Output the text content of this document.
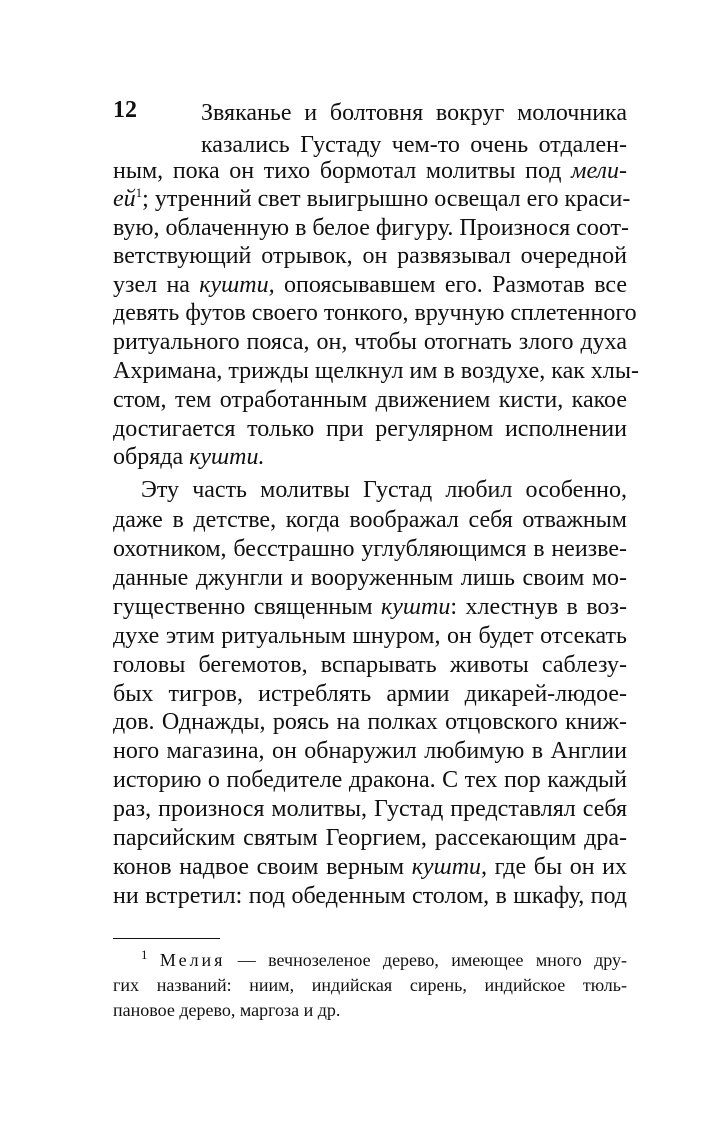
12	Звяканье и болтовня вокруг молочника
казались Густаду чем-то очень отдален-
ным, пока он тихо бормотал молитвы под мели-
$ей^1$; утренний свет выигрышно освещал его краси-
вую, облаченную в белое фигуру. Произнося соот-
ветствующий отрывок, он развязывал очередной
узел на кушти, опоясывавшем его. Размотав все
девять футов своего тонкого, вручную сплетенного
ритуального пояса, он, чтобы отогнать злого духа
Ахримана, трижды щелкнул им в воздухе, как хлы-
стом, тем отработанным движением кисти, какое
достигается только при регулярном исполнении
обряда кушти.
Эту часть молитвы Густад любил особенно,
даже в детстве, когда воображал себя отважным
охотником, бесстрашно углубляющимся в неизве-
данные джунгли и вооруженным лишь своим мо-
гущественно священным кушти: хлестнув в воз-
духе этим ритуальным шнуром, он будет отсекать
головы бегемотов, вспарывать животы саблезу-
бых тигров, истреблять армии дикарей-людое-
дов. Однажды, роясь на полках отцовского книж-
ного магазина, он обнаружил любимую в Англии
историю о победителе дракона. С тех пор каждый
раз, произнося молитвы, Густад представлял себя
парсийским святым Георгием, рассекающим дра-
конов надвое своим верным кушти, где бы он их
ни встретил: под обеденным столом, в шкафу, под
$^1$ Мелия — вечнозеленое дерево, имеющее много дру-
гих названий: ниим, индийская сирень, индийское тюль-
пановое дерево, маргоза и др.
